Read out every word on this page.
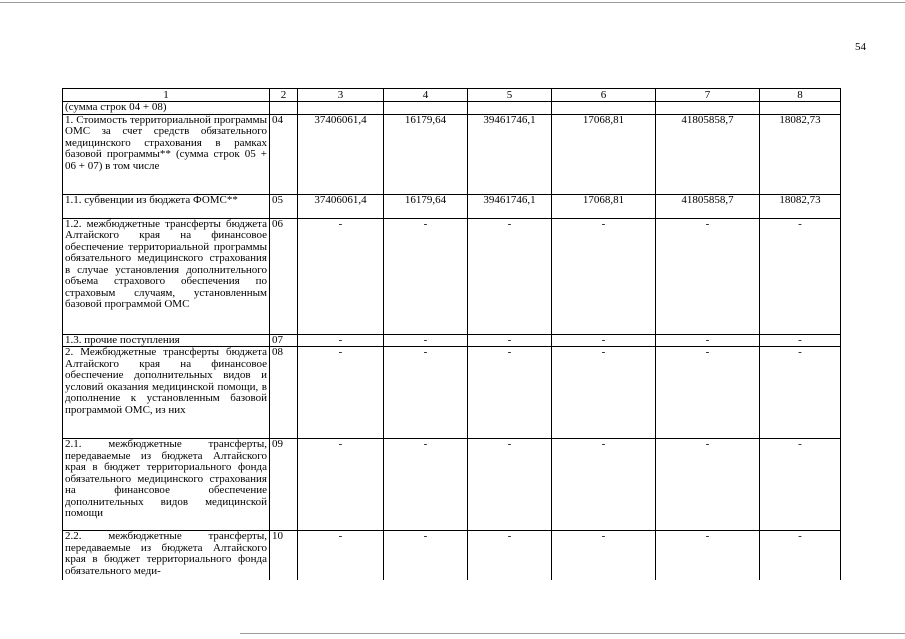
54
1	2	3	4	5	6	7	8
(сумма строк 04 + 08)							
1. Стоимость территориальной программы ОМС за счет средств обязательного медицинского страхования в рамках базовой программы** (сумма строк 05 + 06 + 07) в том числе	04	37406061,4	16179,64	39461746,1	17068,81	41805858,7	18082,73
1.1. субвенции из бюджета ФОМС**	05	37406061,4	16179,64	39461746,1	17068,81	41805858,7	18082,73
1.2. межбюджетные трансферты бюджета Алтайского края на финансовое обеспечение территориальной программы обязательного медицинского страхования в случае установления дополнительного объема страхового обеспечения по страховым случаям, установленным базовой программой ОМС	06	-	-	-	-	-	-
1.3. прочие поступления	07	-	-	-	-	-	-
2. Межбюджетные трансферты бюджета Алтайского края на финансовое обеспечение дополнительных видов и условий оказания медицинской помощи, в дополнение к установленным базовой программой ОМС, из них	08	-	-	-	-	-	-
2.1. межбюджетные трансферты, передаваемые из бюджета Алтайского края в бюджет территориального фонда обязательного медицинского страхования на финансовое обеспечение дополнительных видов медицинской помощи	09	-	-	-	-	-	-
2.2. межбюджетные трансферты, передаваемые из бюджета Алтайского края в бюджет территориального фонда обязательного меди-	10	-	-	-	-	-	-
